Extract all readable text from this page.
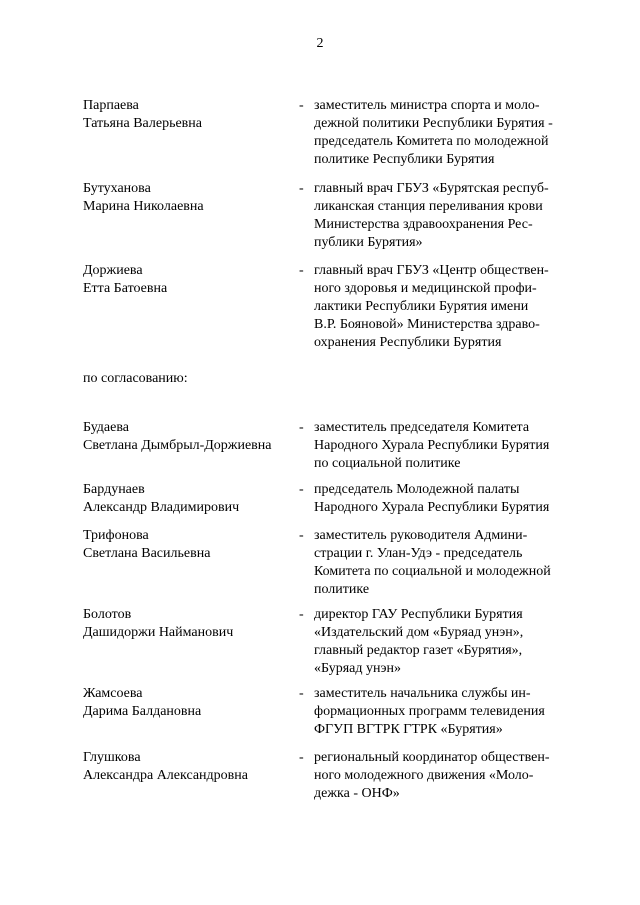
2
Парпаева
Татьяна Валерьевна
- заместитель министра спорта и моло-
дежной политики Республики Бурятия -
председатель Комитета по молодежной
политике Республики Бурятия
Бутуханова
Марина Николаевна
- главный врач ГБУЗ «Бурятская респуб-
ликанская станция переливания крови
Министерства здравоохранения Рес-
публики Бурятия»
Доржиева
Етта Батоевна
- главный врач ГБУЗ «Центр обществен-
ного здоровья и медицинской профи-
лактики Республики Бурятия имени
В.Р. Бояновой» Министерства здраво-
охранения Республики Бурятия
по согласованию:
Будаева
Светлана Дымбрыл-Доржиевна
- заместитель председателя Комитета
Народного Хурала Республики Бурятия
по социальной политике
Бардунаев
Александр Владимирович
- председатель Молодежной палаты
Народного Хурала Республики Бурятия
Трифонова
Светлана Васильевна
- заместитель руководителя Админи-
страции г. Улан-Удэ - председатель
Комитета по социальной и молодежной
политике
Болотов
Дашидоржи Найманович
- директор ГАУ Республики Бурятия
«Издательский дом «Буряад унэн»,
главный редактор газет «Бурятия»,
«Буряад унэн»
Жамсоева
Дарима Балдановна
- заместитель начальника службы ин-
формационных программ телевидения
ФГУП ВГТРК ГТРК «Бурятия»
Глушкова
Александра Александровна
- региональный координатор обществен-
ного молодежного движения «Моло-
дежка - ОНФ»
